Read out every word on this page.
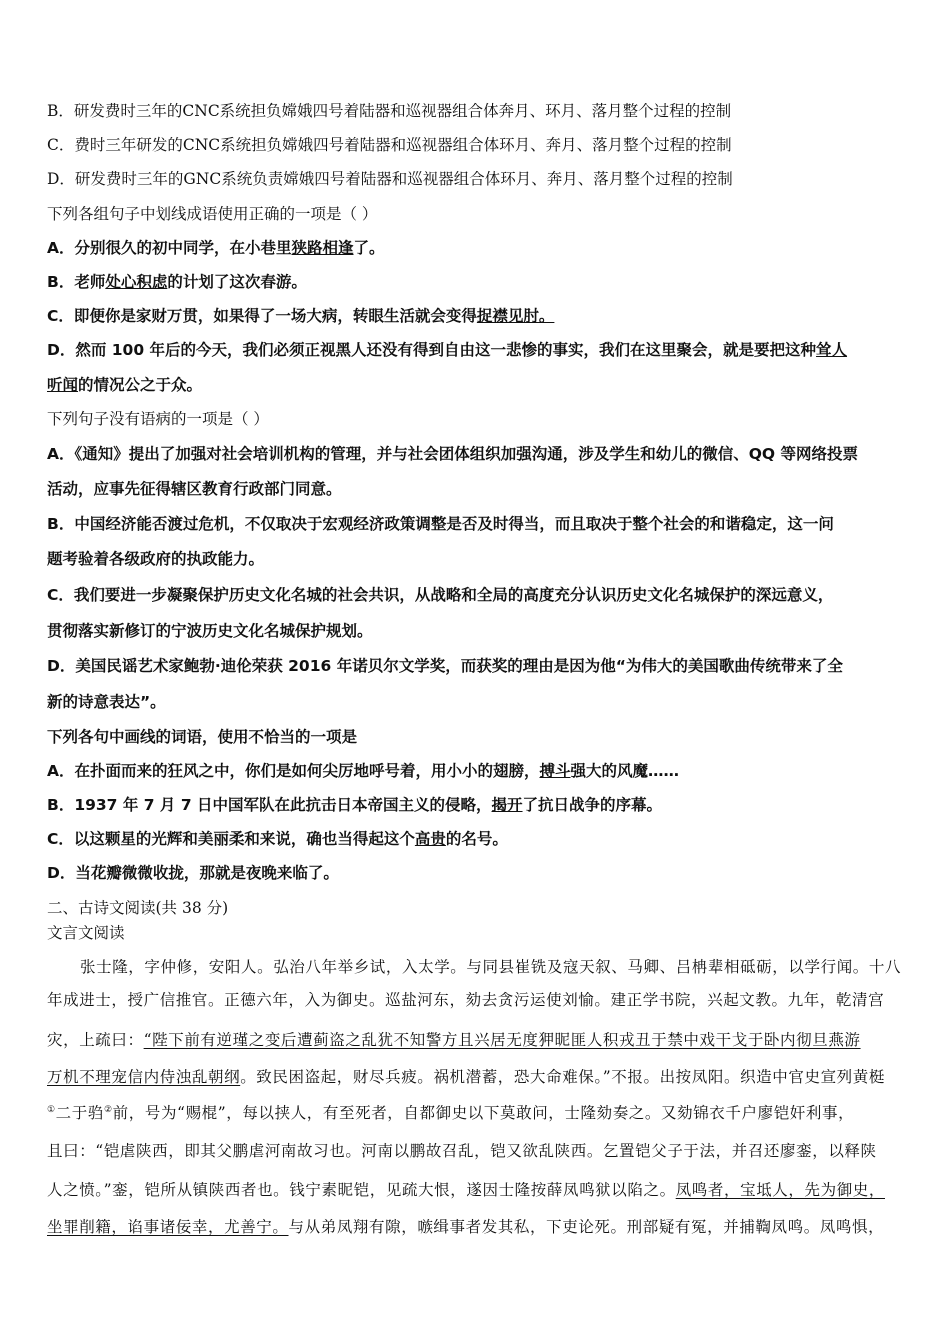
B．研发费时三年的CNC系统担负嫦娥四号着陆器和巡视器组合体奔月、环月、落月整个过程的控制
C．费时三年研发的CNC系统担负嫦娥四号着陆器和巡视器组合体环月、奔月、落月整个过程的控制
D．研发费时三年的GNC系统负责嫦娥四号着陆器和巡视器组合体环月、奔月、落月整个过程的控制
下列各组句子中划线成语使用正确的一项是（ ）
A．分别很久的初中同学，在小巷里狭路相逢了。
B．老师处心积虑的计划了这次春游。
C．即便你是家财万贯，如果得了一场大病，转眼生活就会变得捉襟见肘。
D．然而 100 年后的今天，我们必须正视黑人还没有得到自由这一悲惨的事实，我们在这里聚会，就是要把这种耸人
听闻的情况公之于众。
下列句子没有语病的一项是（ ）
A．《通知》提出了加强对社会培训机构的管理，并与社会团体组织加强沟通，涉及学生和幼儿的微信、QQ 等网络投票
活动，应事先征得辖区教育行政部门同意。
B．中国经济能否渡过危机，不仅取决于宏观经济政策调整是否及时得当，而且取决于整个社会的和谐稳定，这一问
题考验着各级政府的执政能力。
C．我们要进一步凝聚保护历史文化名城的社会共识，从战略和全局的高度充分认识历史文化名城保护的深远意义，
贯彻落实新修订的宁波历史文化名城保护规划。
D．美国民谣艺术家鲍勃·迪伦荣获 2016 年诺贝尔文学奖，而获奖的理由是因为他“为伟大的美国歌曲传统带来了全
新的诗意表达”。
下列各句中画线的词语，使用不恰当的一项是
A．在扑面而来的狂风之中，你们是如何尖厉地呼号着，用小小的翅膀，搏斗强大的风魔……
B．1937 年 7 月 7 日中国军队在此抗击日本帝国主义的侵略，揭开了抗日战争的序幕。
C．以这颗星的光辉和美丽柔和来说，确也当得起这个高贵的名号。
D．当花瓣微微收拢，那就是夜晚来临了。
二、古诗文阅读(共 38 分)
文言文阅读
张士隆，字仲修，安阳人。弘治八年举乡试，入太学。与同县崔铣及寇天叙、马卿、吕柟辈相砥砺，以学行闻。十八
年成进士，授广信推官。正德六年，入为御史。巡盐河东，劾去贪污运使刘愉。建正学书院，兴起文教。九年，乾清宫
灾，上疏曰：“陛下前有逆瑾之变后遭蓟盗之乱犹不知警方且兴居无度狎昵匪人积戎丑于禁中戏干戈于卧内彻旦燕游
万机不理宠信内侍浊乱朝纲。致民困盗起，财尽兵疲。祸机潜蓄，恐大命难保。”不报。出按凤阳。织造中官史宣列黄梃
①二于驺②前，号为“赐棍”，每以挟人，有至死者，自都御史以下莫敢问，士隆劾奏之。又劾锦衣千户廖铠奸利事，
且曰：“铠虐陕西，即其父鹏虐河南故习也。河南以鹏故召乱，铠又欲乱陕西。乞置铠父子于法，并召还廖銮，以释陕
人之愤。”銮，铠所从镇陕西者也。钱宁素昵铠，见疏大恨，遂因士隆按薛凤鸣狱以陷之。凤鸣者，宝坻人，先为御史，
坐罪削籍，谄事诸佞幸，尤善宁。与从弟凤翔有隙，嗾缉事者发其私，下吏论死。刑部疑有冤，并捕鞫凤鸣。凤鸣惧，
